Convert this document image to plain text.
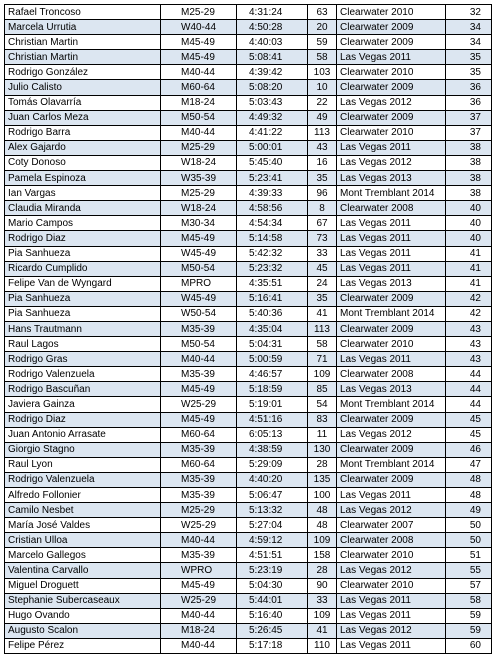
Rafael Troncoso	M25-29	4:31:24	63	Clearwater 2010	32
Marcela Urrutia	W40-44	4:50:28	20	Clearwater 2009	34
Christian Martin	M45-49	4:40:03	59	Clearwater 2009	34
Christian Martin	M45-49	5:08:41	58	Las Vegas 2011	35
Rodrigo González	M40-44	4:39:42	103	Clearwater 2010	35
Julio Calisto	M60-64	5:08:20	10	Clearwater 2009	36
Tomás Olavarría	M18-24	5:03:43	22	Las Vegas 2012	36
Juan Carlos Meza	M50-54	4:49:32	49	Clearwater 2009	37
Rodrigo Barra	M40-44	4:41:22	113	Clearwater 2010	37
Alex Gajardo	M25-29	5:00:01	43	Las Vegas 2011	38
Coty Donoso	W18-24	5:45:40	16	Las Vegas 2012	38
Pamela Espinoza	W35-39	5:23:41	35	Las Vegas 2013	38
Ian Vargas	M25-29	4:39:33	96	Mont Tremblant 2014	38
Claudia Miranda	W18-24	4:58:56	8	Clearwater 2008	40
Mario Campos	M30-34	4:54:34	67	Las Vegas 2011	40
Rodrigo Diaz	M45-49	5:14:58	73	Las Vegas 2011	40
Pia Sanhueza	W45-49	5:42:32	33	Las Vegas 2011	41
Ricardo Cumplido	M50-54	5:23:32	45	Las Vegas 2011	41
Felipe Van de Wyngard	MPRO	4:35:51	24	Las Vegas 2013	41
Pia Sanhueza	W45-49	5:16:41	35	Clearwater 2009	42
Pia Sanhueza	W50-54	5:40:36	41	Mont Tremblant 2014	42
Hans Trautmann	M35-39	4:35:04	113	Clearwater 2009	43
Raul Lagos	M50-54	5:04:31	58	Clearwater 2010	43
Rodrigo Gras	M40-44	5:00:59	71	Las Vegas 2011	43
Rodrigo Valenzuela	M35-39	4:46:57	109	Clearwater 2008	44
Rodrigo Bascuñan	M45-49	5:18:59	85	Las Vegas 2013	44
Javiera Gainza	W25-29	5:19:01	54	Mont Tremblant 2014	44
Rodrigo Diaz	M45-49	4:51:16	83	Clearwater 2009	45
Juan Antonio Arrasate	M60-64	6:05:13	11	Las Vegas 2012	45
Giorgio Stagno	M35-39	4:38:59	130	Clearwater 2009	46
Raul Lyon	M60-64	5:29:09	28	Mont Tremblant 2014	47
Rodrigo Valenzuela	M35-39	4:40:20	135	Clearwater 2009	48
Alfredo Follonier	M35-39	5:06:47	100	Las Vegas 2011	48
Camilo Nesbet	M25-29	5:13:32	48	Las Vegas 2012	49
María José Valdes	W25-29	5:27:04	48	Clearwater 2007	50
Cristian Ulloa	M40-44	4:59:12	109	Clearwater 2008	50
Marcelo Gallegos	M35-39	4:51:51	158	Clearwater 2010	51
Valentina Carvallo	WPRO	5:23:19	28	Las Vegas 2012	55
Miguel Droguett	M45-49	5:04:30	90	Clearwater 2010	57
Stephanie Subercaseaux	W25-29	5:44:01	33	Las Vegas 2011	58
Hugo Ovando	M40-44	5:16:40	109	Las Vegas 2011	59
Augusto Scalon	M18-24	5:26:45	41	Las Vegas 2012	59
Felipe Pérez	M40-44	5:17:18	110	Las Vegas 2011	60
